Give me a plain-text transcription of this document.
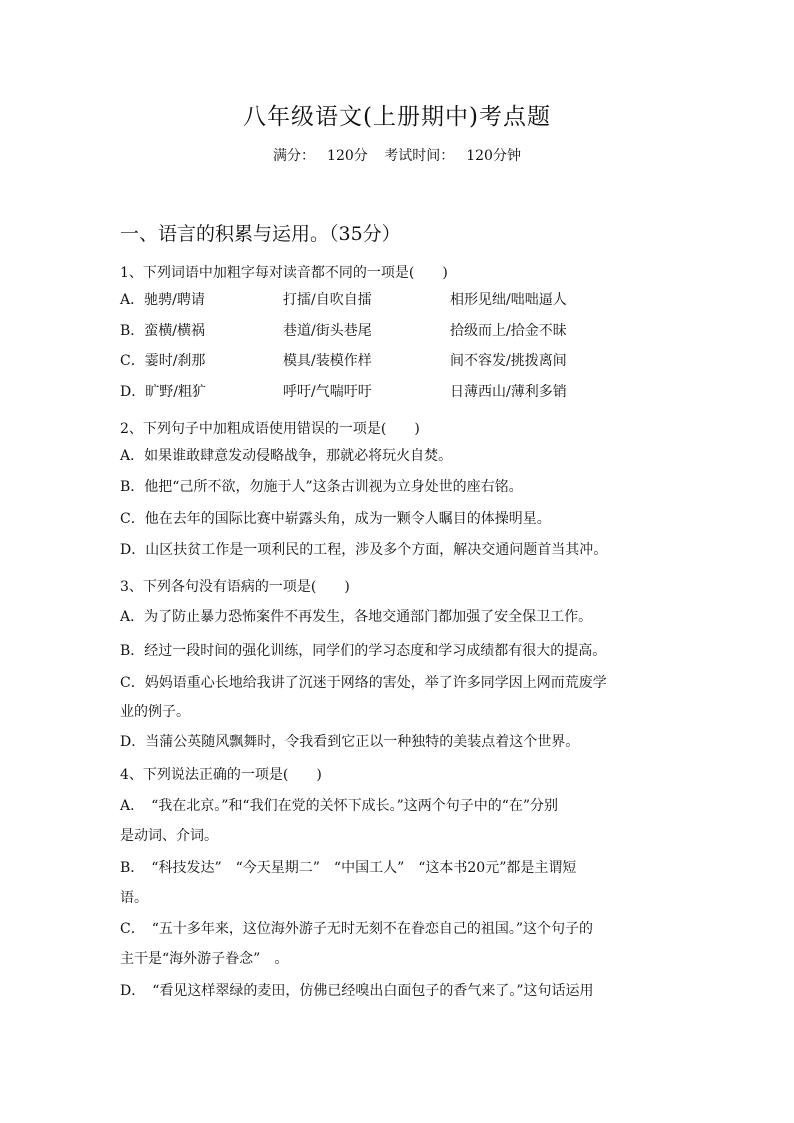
八年级语文(上册期中)考点题
满分： 120分 考试时间： 120分钟
一、语言的积累与运用。（35分）
1、下列词语中加粗字每对读音都不同的一项是(　　)
A．驰骋/聘请	打擂/自吹自擂	相形见绌/咄咄逼人
B．蛮横/横祸	巷道/街头巷尾	拾级而上/拾金不昧
C．霎时/刹那	模具/装模作样	间不容发/挑拨离间
D．旷野/粗犷	呼吁/气喘吁吁	日薄西山/薄利多销
2、下列句子中加粗成语使用错误的一项是(　　)
A．如果谁敢肆意发动侵略战争，那就必将玩火自焚。
B．他把“己所不欲，勿施于人”这条古训视为立身处世的座右铭。
C．他在去年的国际比赛中崭露头角，成为一颗令人瞩目的体操明星。
D．山区扶贫工作是一项利民的工程，涉及多个方面，解决交通问题首当其冲。
3、下列各句没有语病的一项是(　　)
A．为了防止暴力恐怖案件不再发生，各地交通部门都加强了安全保卫工作。
B．经过一段时间的强化训练，同学们的学习态度和学习成绩都有很大的提高。
C．妈妈语重心长地给我讲了沉迷于网络的害处，举了许多同学因上网而荒废学
业的例子。
D．当蒲公英随风飘舞时，令我看到它正以一种独特的美装点着这个世界。
4、下列说法正确的一项是(　　)
A．　“我在北京。”和“我们在党的关怀下成长。”这两个句子中的“在”分别
是动词、介词。
B．　“科技发达”　“今天星期二”　“中国工人”　“这本书20元”都是主谓短
语。
C．　“五十多年来，这位海外游子无时无刻不在眷恋自己的祖国。”这个句子的
主干是“海外游子眷念”　。
D．　“看见这样翠绿的麦田，仿佛已经嗅出白面包子的香气来了。”这句话运用
